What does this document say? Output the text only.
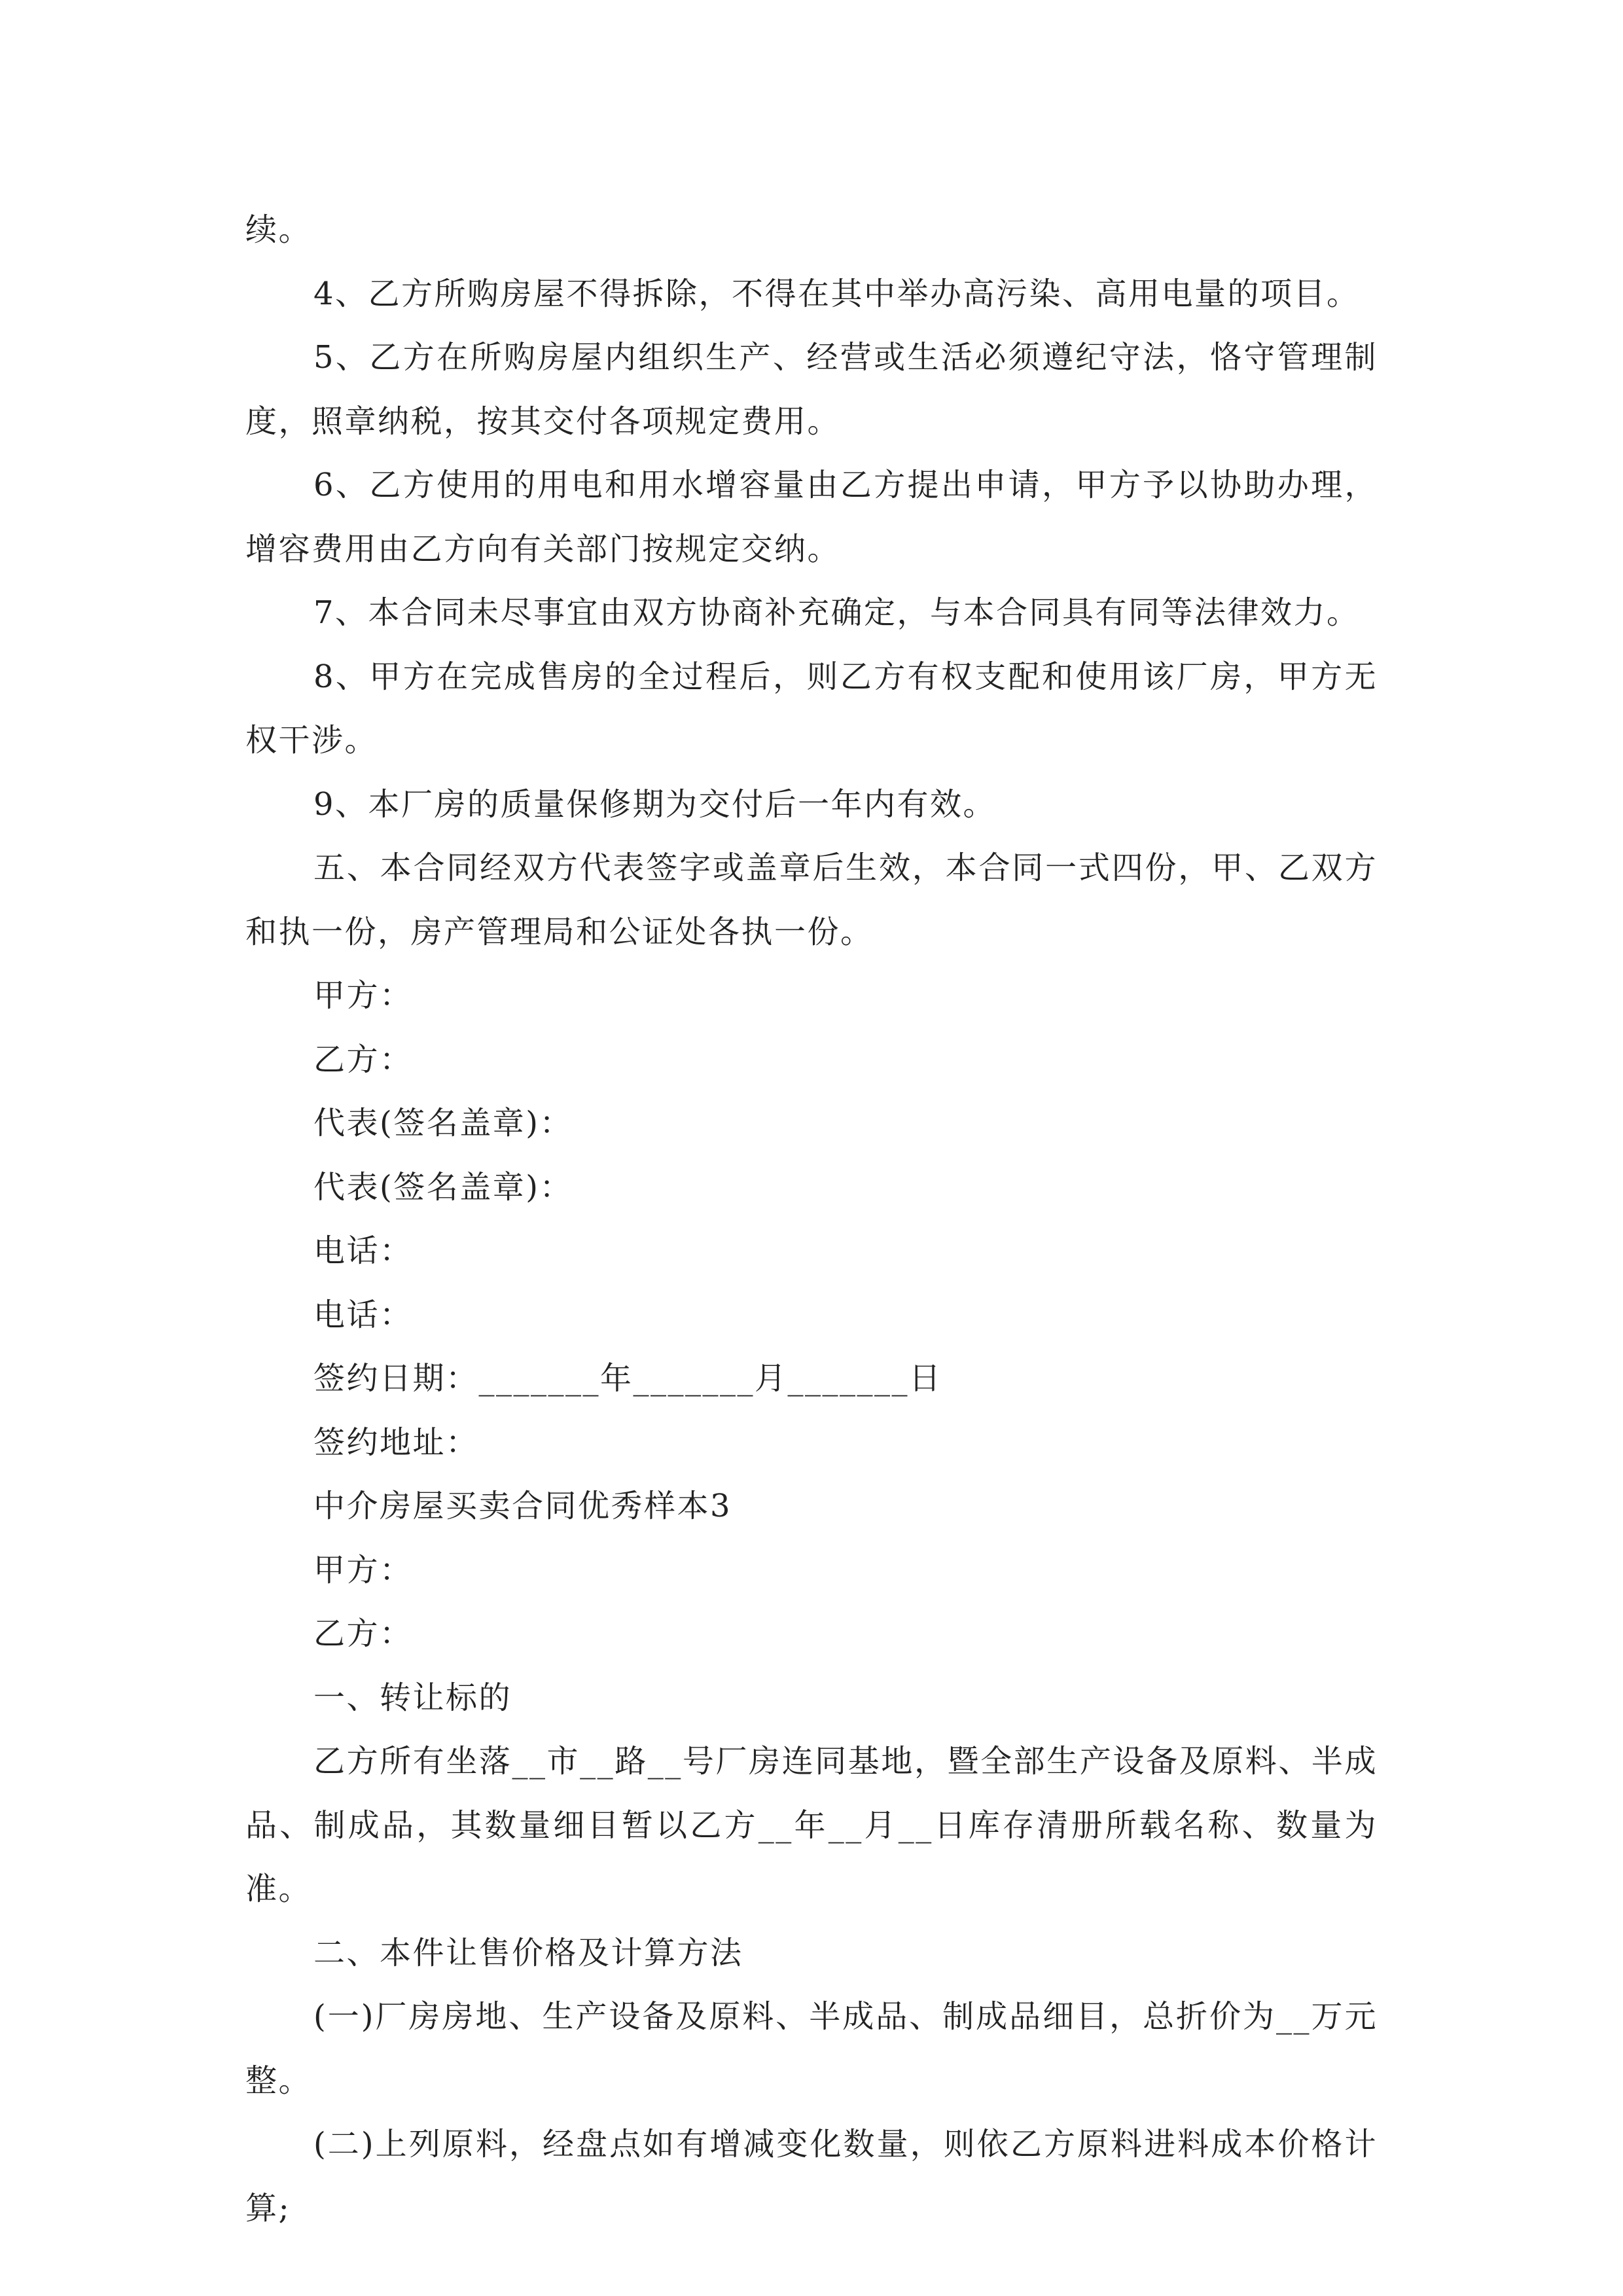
续。

4、乙方所购房屋不得拆除，不得在其中举办高污染、高用电量的项目。

5、乙方在所购房屋内组织生产、经营或生活必须遵纪守法，恪守管理制度，照章纳税，按其交付各项规定费用。

6、乙方使用的用电和用水增容量由乙方提出申请，甲方予以协助办理，增容费用由乙方向有关部门按规定交纳。

7、本合同未尽事宜由双方协商补充确定，与本合同具有同等法律效力。

8、甲方在完成售房的全过程后，则乙方有权支配和使用该厂房，甲方无权干涉。

9、本厂房的质量保修期为交付后一年内有效。

五、本合同经双方代表签字或盖章后生效，本合同一式四份，甲、乙双方和执一份，房产管理局和公证处各执一份。

甲方：

乙方：

代表(签名盖章)：

代表(签名盖章)：

电话：

电话：

签约日期：_______年_______月_______日

签约地址：

中介房屋买卖合同优秀样本3

甲方：

乙方：

一、转让标的

乙方所有坐落__市__路__号厂房连同基地，暨全部生产设备及原料、半成品、制成品，其数量细目暂以乙方__年__月__日库存清册所载名称、数量为准。

二、本件让售价格及计算方法

(一)厂房房地、生产设备及原料、半成品、制成品细目，总折价为__万元整。

(二)上列原料，经盘点如有增减变化数量，则依乙方原料进料成本价格计算;
